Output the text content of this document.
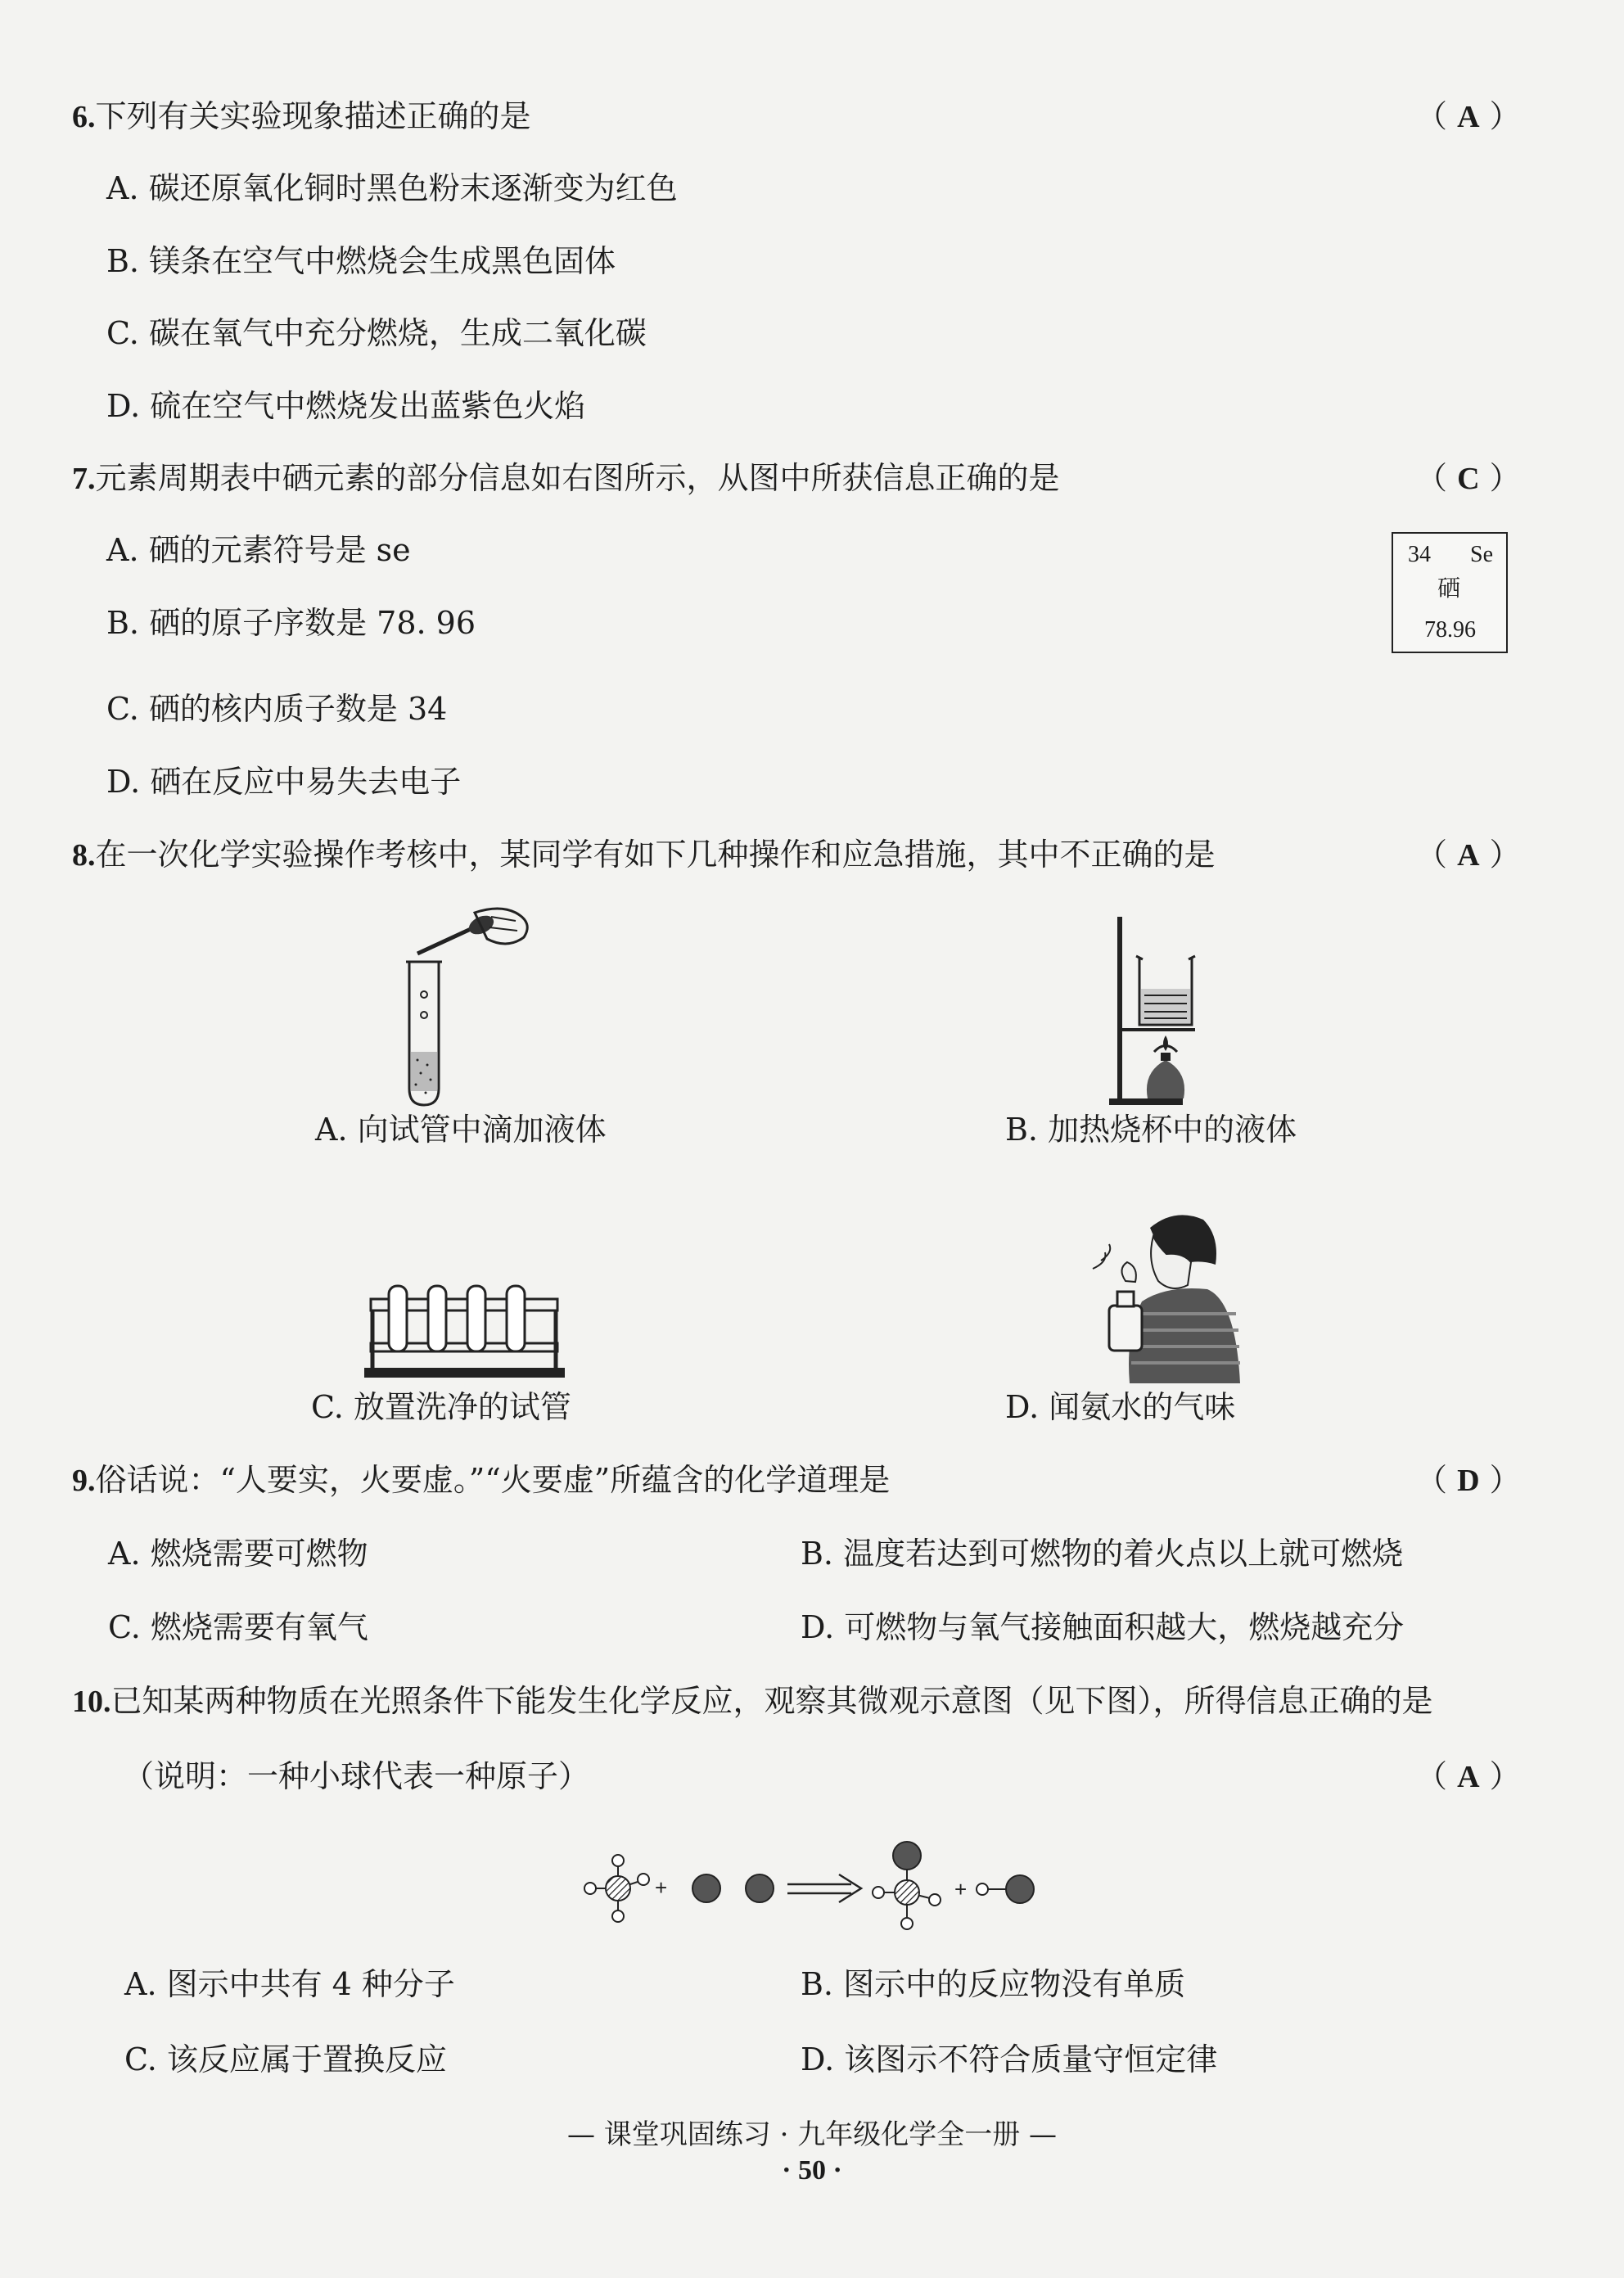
6.下列有关实验现象描述正确的是	（ A ）
A. 碳还原氧化铜时黑色粉末逐渐变为红色
B. 镁条在空气中燃烧会生成黑色固体
C. 碳在氧气中充分燃烧，生成二氧化碳
D. 硫在空气中燃烧发出蓝紫色火焰
7.元素周期表中硒元素的部分信息如右图所示，从图中所获信息正确的是	（ C ）
A. 硒的元素符号是 se
B. 硒的原子序数是 78. 96
C. 硒的核内质子数是 34
D. 硒在反应中易失去电子
34 Se
硒
78.96
8.在一次化学实验操作考核中，某同学有如下几种操作和应急措施，其中不正确的是	（ A ）
A. 向试管中滴加液体	B. 加热烧杯中的液体
C. 放置洗净的试管	D. 闻氨水的气味
9.俗话说：“人要实，火要虚。”“火要虚”所蕴含的化学道理是	（ D ）
A. 燃烧需要可燃物	B. 温度若达到可燃物的着火点以上就可燃烧
C. 燃烧需要有氧气	D. 可燃物与氧气接触面积越大，燃烧越充分
10.已知某两种物质在光照条件下能发生化学反应，观察其微观示意图（见下图），所得信息正确的是
（说明：一种小球代表一种原子）	（ A ）
+	+
A. 图示中共有 4 种分子	B. 图示中的反应物没有单质
C. 该反应属于置换反应	D. 该图示不符合质量守恒定律
— 课堂巩固练习 · 九年级化学全一册 —
· 50 ·
